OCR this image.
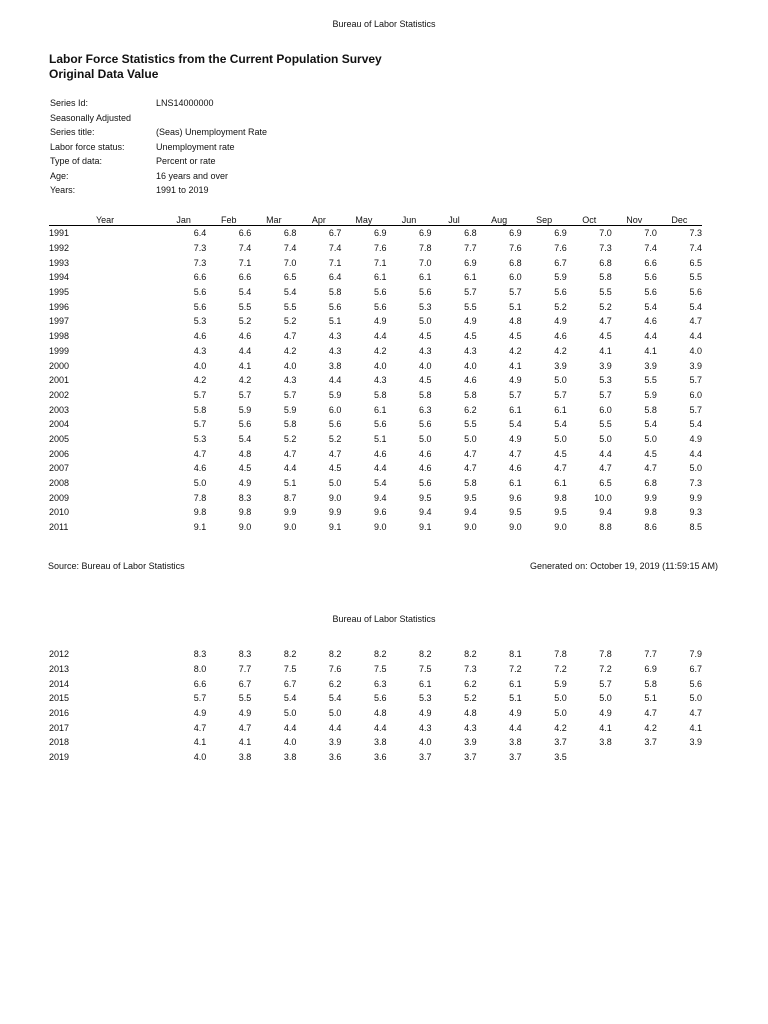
Bureau of Labor Statistics
Labor Force Statistics from the Current Population Survey
Original Data Value
Series Id:	LNS14000000
Seasonally Adjusted
Series title:	(Seas) Unemployment Rate
Labor force status:	Unemployment rate
Type of data:	Percent or rate
Age:	16 years and over
Years:	1991 to 2019
Year	Jan	Feb	Mar	Apr	May	Jun	Jul	Aug	Sep	Oct	Nov	Dec
1991	6.4	6.6	6.8	6.7	6.9	6.9	6.8	6.9	6.9	7.0	7.0	7.3
1992	7.3	7.4	7.4	7.4	7.6	7.8	7.7	7.6	7.6	7.3	7.4	7.4
1993	7.3	7.1	7.0	7.1	7.1	7.0	6.9	6.8	6.7	6.8	6.6	6.5
1994	6.6	6.6	6.5	6.4	6.1	6.1	6.1	6.0	5.9	5.8	5.6	5.5
1995	5.6	5.4	5.4	5.8	5.6	5.6	5.7	5.7	5.6	5.5	5.6	5.6
1996	5.6	5.5	5.5	5.6	5.6	5.3	5.5	5.1	5.2	5.2	5.4	5.4
1997	5.3	5.2	5.2	5.1	4.9	5.0	4.9	4.8	4.9	4.7	4.6	4.7
1998	4.6	4.6	4.7	4.3	4.4	4.5	4.5	4.5	4.6	4.5	4.4	4.4
1999	4.3	4.4	4.2	4.3	4.2	4.3	4.3	4.2	4.2	4.1	4.1	4.0
2000	4.0	4.1	4.0	3.8	4.0	4.0	4.0	4.1	3.9	3.9	3.9	3.9
2001	4.2	4.2	4.3	4.4	4.3	4.5	4.6	4.9	5.0	5.3	5.5	5.7
2002	5.7	5.7	5.7	5.9	5.8	5.8	5.8	5.7	5.7	5.7	5.9	6.0
2003	5.8	5.9	5.9	6.0	6.1	6.3	6.2	6.1	6.1	6.0	5.8	5.7
2004	5.7	5.6	5.8	5.6	5.6	5.6	5.5	5.4	5.4	5.5	5.4	5.4
2005	5.3	5.4	5.2	5.2	5.1	5.0	5.0	4.9	5.0	5.0	5.0	4.9
2006	4.7	4.8	4.7	4.7	4.6	4.6	4.7	4.7	4.5	4.4	4.5	4.4
2007	4.6	4.5	4.4	4.5	4.4	4.6	4.7	4.6	4.7	4.7	4.7	5.0
2008	5.0	4.9	5.1	5.0	5.4	5.6	5.8	6.1	6.1	6.5	6.8	7.3
2009	7.8	8.3	8.7	9.0	9.4	9.5	9.5	9.6	9.8	10.0	9.9	9.9
2010	9.8	9.8	9.9	9.9	9.6	9.4	9.4	9.5	9.5	9.4	9.8	9.3
2011	9.1	9.0	9.0	9.1	9.0	9.1	9.0	9.0	9.0	8.8	8.6	8.5
Source: Bureau of Labor Statistics	Generated on: October 19, 2019 (11:59:15 AM)
Bureau of Labor Statistics
2012	8.3	8.3	8.2	8.2	8.2	8.2	8.2	8.1	7.8	7.8	7.7	7.9
2013	8.0	7.7	7.5	7.6	7.5	7.5	7.3	7.2	7.2	7.2	6.9	6.7
2014	6.6	6.7	6.7	6.2	6.3	6.1	6.2	6.1	5.9	5.7	5.8	5.6
2015	5.7	5.5	5.4	5.4	5.6	5.3	5.2	5.1	5.0	5.0	5.1	5.0
2016	4.9	4.9	5.0	5.0	4.8	4.9	4.8	4.9	5.0	4.9	4.7	4.7
2017	4.7	4.7	4.4	4.4	4.4	4.3	4.3	4.4	4.2	4.1	4.2	4.1
2018	4.1	4.1	4.0	3.9	3.8	4.0	3.9	3.8	3.7	3.8	3.7	3.9
2019	4.0	3.8	3.8	3.6	3.6	3.7	3.7	3.7	3.5			
